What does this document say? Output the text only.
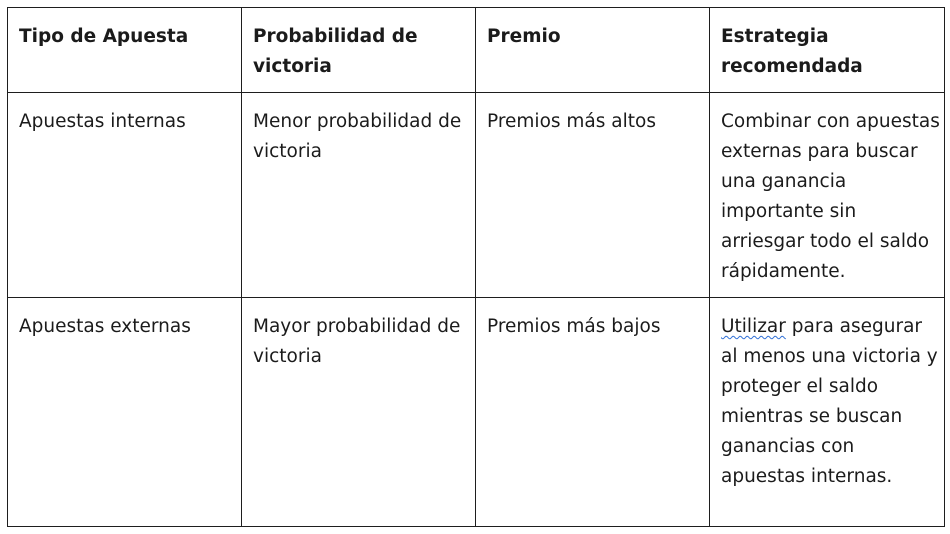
Tipo de Apuesta	Probabilidad de victoria	Premio	Estrategia recomendada
Apuestas internas	Menor probabilidad de victoria	Premios más altos	Combinar con apuestas externas para buscar una ganancia importante sin arriesgar todo el saldo rápidamente.
Apuestas externas	Mayor probabilidad de victoria	Premios más bajos	Utilizar para asegurar al menos una victoria y proteger el saldo mientras se buscan ganancias con apuestas internas.
